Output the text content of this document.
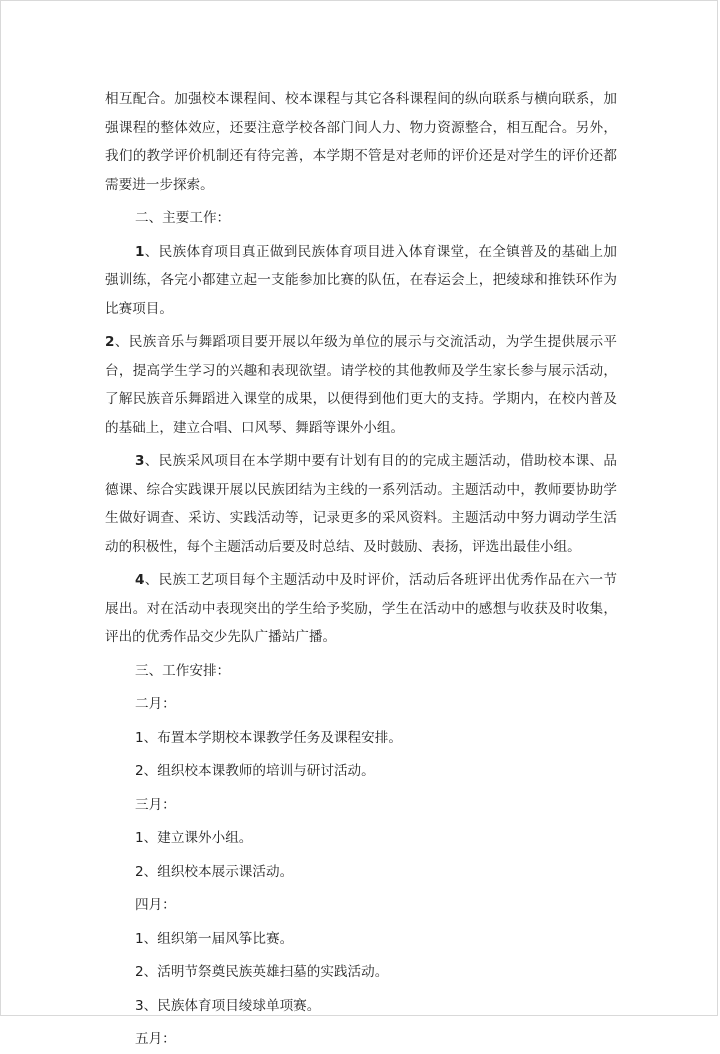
相互配合。加强校本课程间、校本课程与其它各科课程间的纵向联系与横向联系，加强课程的整体效应，还要注意学校各部门间人力、物力资源整合，相互配合。另外，我们的教学评价机制还有待完善，本学期不管是对老师的评价还是对学生的评价还都需要进一步探索。

二、主要工作：

1、民族体育项目真正做到民族体育项目进入体育课堂，在全镇普及的基础上加强训练，各完小都建立起一支能参加比赛的队伍，在春运会上，把绫球和推铁环作为比赛项目。

2、民族音乐与舞蹈项目要开展以年级为单位的展示与交流活动，为学生提供展示平台，提高学生学习的兴趣和表现欲望。请学校的其他教师及学生家长参与展示活动，了解民族音乐舞蹈进入课堂的成果，以便得到他们更大的支持。学期内，在校内普及的基础上，建立合唱、口风琴、舞蹈等课外小组。

3、民族采风项目在本学期中要有计划有目的的完成主题活动，借助校本课、品德课、综合实践课开展以民族团结为主线的一系列活动。主题活动中，教师要协助学生做好调查、采访、实践活动等，记录更多的采风资料。主题活动中努力调动学生活动的积极性，每个主题活动后要及时总结、及时鼓励、表扬，评选出最佳小组。

4、民族工艺项目每个主题活动中及时评价，活动后各班评出优秀作品在六一节展出。对在活动中表现突出的学生给予奖励，学生在活动中的感想与收获及时收集，评出的优秀作品交少先队广播站广播。

三、工作安排：

二月：

1、布置本学期校本课教学任务及课程安排。

2、组织校本课教师的培训与研讨活动。

三月：

1、建立课外小组。

2、组织校本展示课活动。

四月：

1、组织第一届风筝比赛。

2、活明节祭奠民族英雄扫墓的实践活动。

3、民族体育项目绫球单项赛。

五月：
